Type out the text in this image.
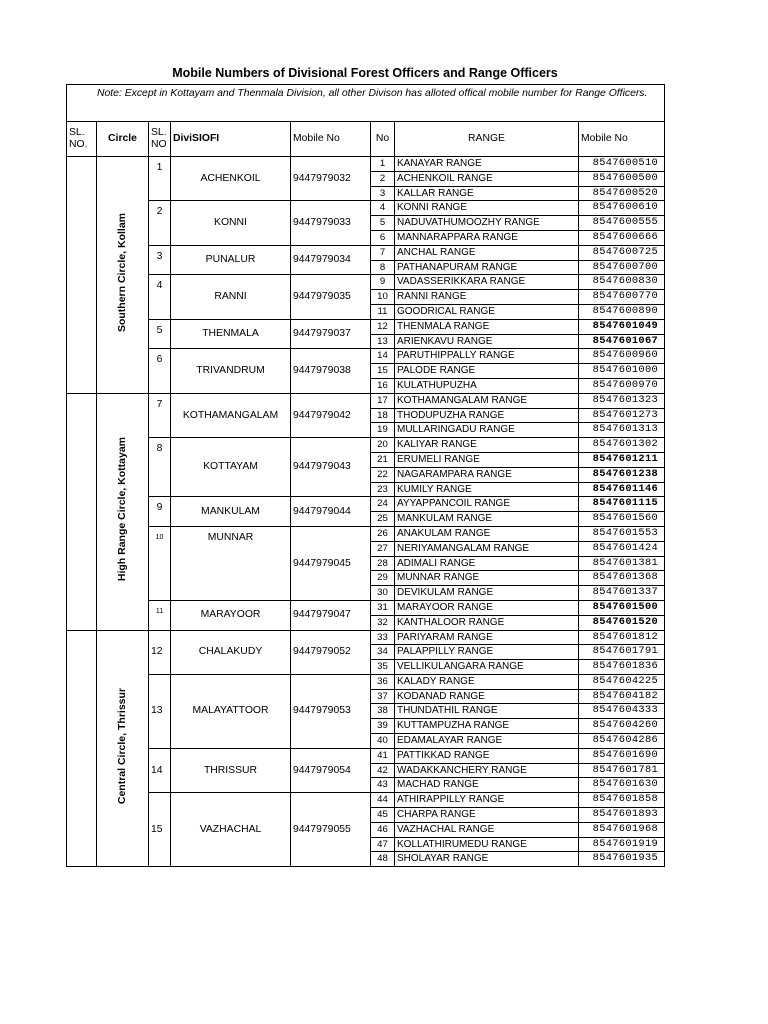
Mobile Numbers of Divisional Forest Officers and Range Officers
Note: Except in Kottayam and Thenmala Division, all other Divison has alloted offical mobile number for Range Officers.							
SL. NO.	Circle	SL. NO	DiviSIOFI	Mobile No	No	RANGE	Mobile No
	Southern Circle, Kollam	1	ACHENKOIL	9447979032	1	KANAYAR RANGE	8547600510
					2	ACHENKOIL RANGE	8547600500
					3	KALLAR RANGE	8547600520
		2	KONNI	9447979033	4	KONNI RANGE	8547600610
					5	NADUVATHUMOOZHY RANGE	8547600555
					6	MANNARAPPARA RANGE	8547600666
		3	PUNALUR	9447979034	7	ANCHAL RANGE	8547600725
					8	PATHANAPURAM RANGE	8547600700
		4	RANNI	9447979035	9	VADASSERIKKARA RANGE	8547600830
					10	RANNI RANGE	8547600770
					11	GOODRICAL RANGE	8547600890
		5	THENMALA	9447979037	12	THENMALA RANGE	8547601049
					13	ARIENKAVU RANGE	8547601067
		6	TRIVANDRUM	9447979038	14	PARUTHIPPALLY RANGE	8547600960
					15	PALODE RANGE	8547601000
					16	KULATHUPUZHA	8547600970
	High Range Circle, Kottayam	7	KOTHAMANGALAM	9447979042	17	KOTHAMANGALAM RANGE	8547601323
					18	THODUPUZHA RANGE	8547601273
					19	MULLARINGADU RANGE	8547601313
		8	KOTTAYAM	9447979043	20	KALIYAR RANGE	8547601302
					21	ERUMELI RANGE	8547601211
					22	NAGARAMPARA RANGE	8547601238
					23	KUMILY RANGE	8547601146
		9	MANKULAM	9447979044	24	AYYAPPANCOIL RANGE	8547601115
					25	MANKULAM RANGE	8547601560
		10	MUNNAR	9447979045	26	ANAKULAM RANGE	8547601553
					27	NERIYAMANGALAM RANGE	8547601424
					28	ADIMALI RANGE	8547601381
					29	MUNNAR RANGE	8547601368
					30	DEVIKULAM RANGE	8547601337
		11	MARAYOOR	9447979047	31	MARAYOOR RANGE	8547601500
					32	KANTHALOOR RANGE	8547601520
	Central Circle, Thrissur	12	CHALAKUDY	9447979052	33	PARIYARAM RANGE	8547601812
					34	PALAPPILLY RANGE	8547601791
					35	VELLIKULANGARA RANGE	8547601836
		13	MALAYATTOOR	9447979053	36	KALADY RANGE	8547604225
					37	KODANAD RANGE	8547604182
					38	THUNDATHIL RANGE	8547604333
					39	KUTTAMPUZHA RANGE	8547604260
					40	EDAMALAYAR RANGE	8547604286
		14	THRISSUR	9447979054	41	PATTIKKAD RANGE	8547601690
					42	WADAKKANCHERY RANGE	8547601781
					43	MACHAD RANGE	8547601630
		15	VAZHACHAL	9447979055	44	ATHIRAPPILLY RANGE	8547601858
					45	CHARPA RANGE	8547601893
					46	VAZHACHAL RANGE	8547601968
					47	KOLLATHIRUMEDU RANGE	8547601919
					48	SHOLAYAR RANGE	8547601935
